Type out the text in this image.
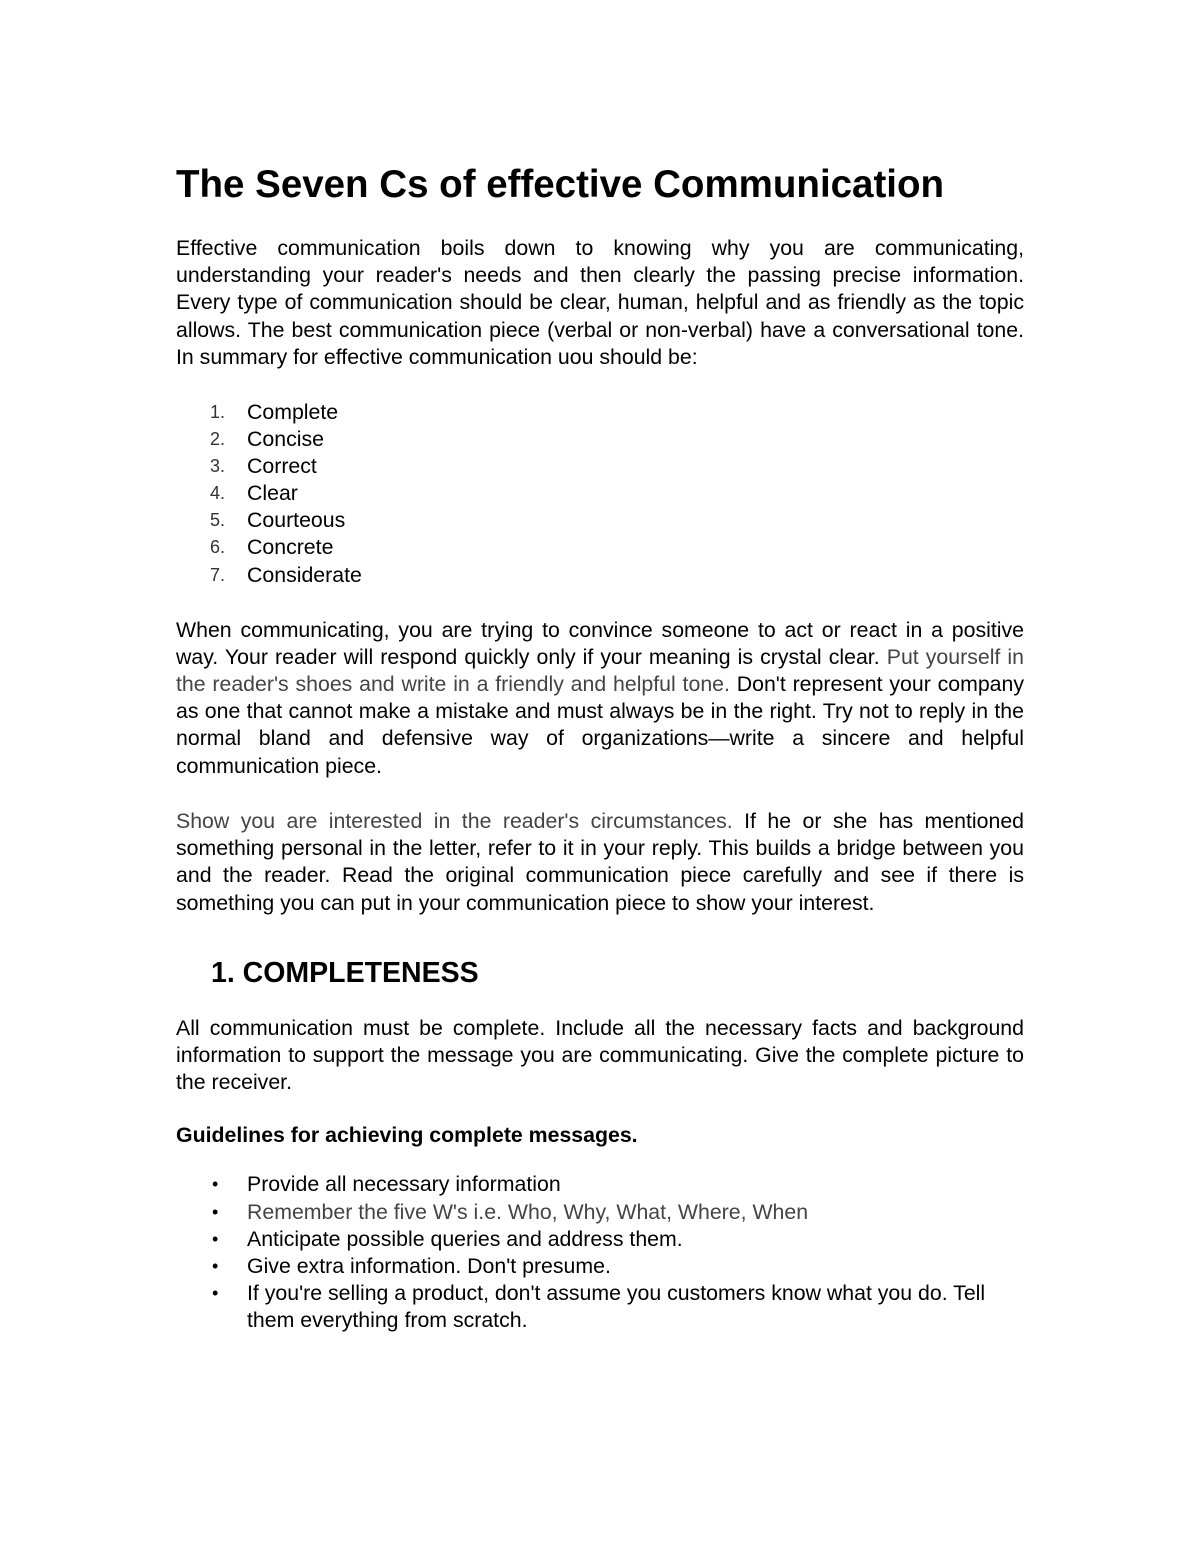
The Seven Cs of effective Communication

Effective communication boils down to knowing why you are communicating, understanding your reader's needs and then clearly the passing precise information. Every type of communication should be clear, human, helpful and as friendly as the topic allows. The best communication piece (verbal or non-verbal) have a conversational tone. In summary for effective communication uou should be:

1. Complete
2. Concise
3. Correct
4. Clear
5. Courteous
6. Concrete
7. Considerate

When communicating, you are trying to convince someone to act or react in a positive way. Your reader will respond quickly only if your meaning is crystal clear. Put yourself in the reader's shoes and write in a friendly and helpful tone. Don't represent your company as one that cannot make a mistake and must always be in the right. Try not to reply in the normal bland and defensive way of organizations—write a sincere and helpful communication piece.

Show you are interested in the reader's circumstances. If he or she has mentioned something personal in the letter, refer to it in your reply. This builds a bridge between you and the reader. Read the original communication piece carefully and see if there is something you can put in your communication piece to show your interest.

1. COMPLETENESS

All communication must be complete. Include all the necessary facts and background information to support the message you are communicating. Give the complete picture to the receiver.

Guidelines for achieving complete messages.
• Provide all necessary information
• Remember the five W's i.e. Who, Why, What, Where, When
• Anticipate possible queries and address them.
• Give extra information. Don't presume.
• If you're selling a product, don't assume you customers know what you do. Tell them everything from scratch.
